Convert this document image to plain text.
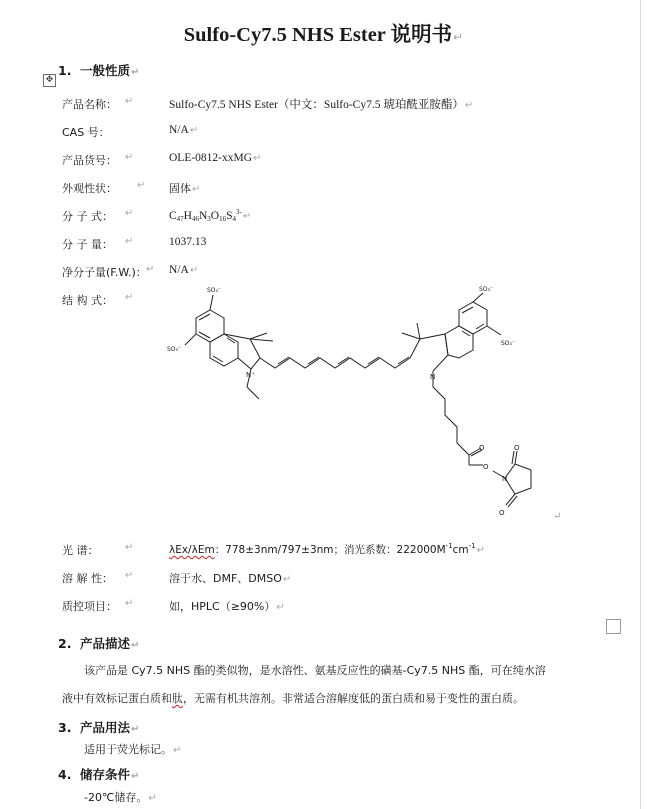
Sulfo-Cy7.5 NHS Ester 说明书↵
✥
1. 一般性质↵
产品名称： ↵	Sulfo-Cy7.5 NHS Ester（中文：Sulfo-Cy7.5 琥珀酰亚胺酯）↵
CAS 号：	N/A↵
产品货号： ↵	OLE-0812-xxMG↵
外观性状： ↵ 固体↵
分 子 式： ↵	$C_{47}H_{46}N_3O_{16}S_4^{3-}↵$
分 子 量： ↵	1037.13
净分子量(F.W.)： ↵ N/A↵
结 构 式： ↵
SO₃⁻
SO₃⁻
SO₃⁻
SO₃⁻
N⁺	N
O
O
N
O
O	↵
光 谱：	↵	λEx/λEm：778±3nm/797±3nm；消光系数：$222000M^{-1}cm^{-1}↵$
溶 解 性： ↵	溶于水、DMF、DMSO↵
质控项目： ↵	如，HPLC（≥90%）↵
2. 产品描述↵
该产品是 Cy7.5 NHS 酯的类似物，是水溶性、氨基反应性的磺基-Cy7.5 NHS 酯，可在纯水溶
液中有效标记蛋白质和肽，无需有机共溶剂。非常适合溶解度低的蛋白质和易于变性的蛋白质。
3. 产品用法↵
适用于荧光标记。↵
4. 储存条件↵
-20℃储存。↵
